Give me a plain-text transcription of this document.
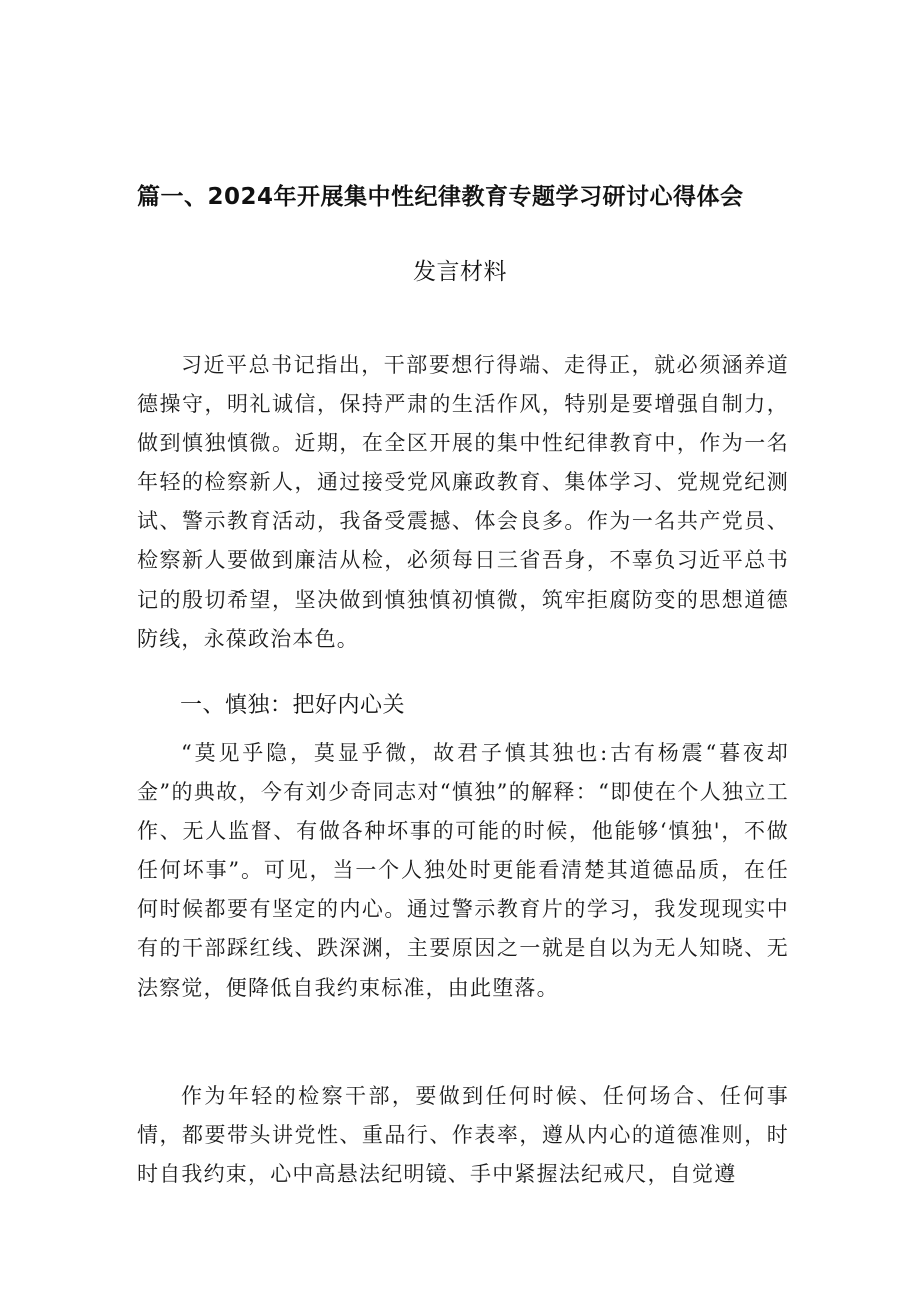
篇一、2024年开展集中性纪律教育专题学习研讨心得体会
发言材料

习近平总书记指出，干部要想行得端、走得正，就必须涵养道德操守，明礼诚信，保持严肃的生活作风，特别是要增强自制力，做到慎独慎微。近期，在全区开展的集中性纪律教育中，作为一名年轻的检察新人，通过接受党风廉政教育、集体学习、党规党纪测试、警示教育活动，我备受震撼、体会良多。作为一名共产党员、检察新人要做到廉洁从检，必须每日三省吾身，不辜负习近平总书记的殷切希望，坚决做到慎独慎初慎微，筑牢拒腐防变的思想道德防线，永葆政治本色。

一、慎独：把好内心关

“莫见乎隐，莫显乎微，故君子慎其独也:古有杨震“暮夜却金”的典故，今有刘少奇同志对“慎独”的解释：“即使在个人独立工作、无人监督、有做各种坏事的可能的时候，他能够‘慎独'，不做任何坏事”。可见，当一个人独处时更能看清楚其道德品质，在任何时候都要有坚定的内心。通过警示教育片的学习，我发现现实中有的干部踩红线、跌深渊，主要原因之一就是自以为无人知晓、无法察觉，便降低自我约束标准，由此堕落。

作为年轻的检察干部，要做到任何时候、任何场合、任何事情，都要带头讲党性、重品行、作表率，遵从内心的道德准则，时时自我约束，心中高悬法纪明镜、手中紧握法纪戒尺，自觉遵
